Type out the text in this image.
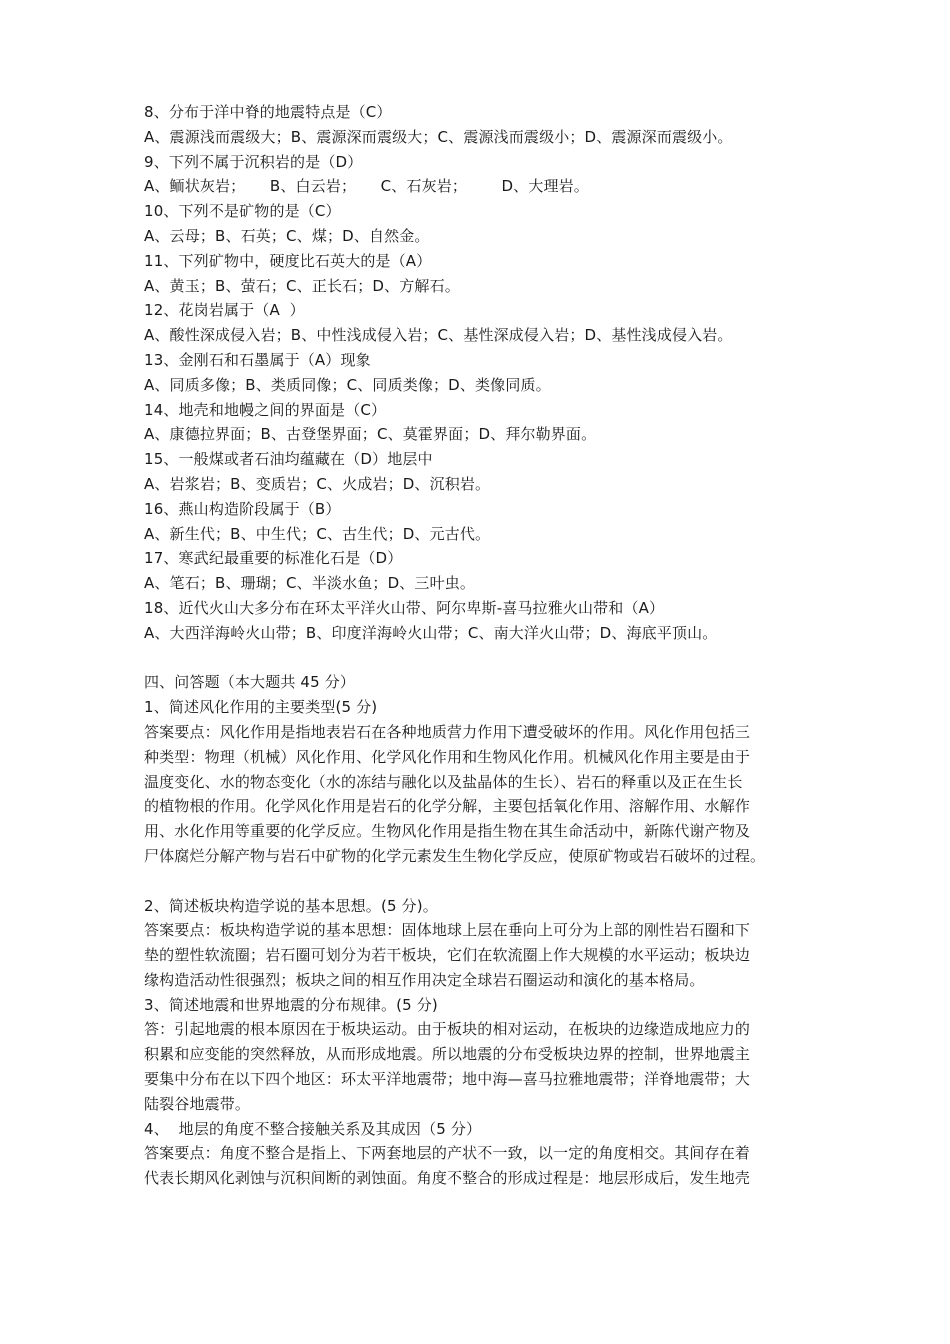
8、分布于洋中脊的地震特点是（C）
A、震源浅而震级大；B、震源深而震级大；C、震源浅而震级小；D、震源深而震级小。
9、下列不属于沉积岩的是（D）
A、鲕状灰岩；     B、白云岩；     C、石灰岩；       D、大理岩。
10、下列不是矿物的是（C）
A、云母；B、石英；C、煤；D、自然金。
11、下列矿物中，硬度比石英大的是（A）
A、黄玉；B、萤石；C、正长石；D、方解石。
12、花岗岩属于（A  ）
A、酸性深成侵入岩；B、中性浅成侵入岩；C、基性深成侵入岩；D、基性浅成侵入岩。
13、金刚石和石墨属于（A）现象
A、同质多像；B、类质同像；C、同质类像；D、类像同质。
14、地壳和地幔之间的界面是（C）
A、康德拉界面；B、古登堡界面；C、莫霍界面；D、拜尔勒界面。
15、一般煤或者石油均蕴藏在（D）地层中
A、岩浆岩；B、变质岩；C、火成岩；D、沉积岩。
16、燕山构造阶段属于（B）
A、新生代；B、中生代；C、古生代；D、元古代。
17、寒武纪最重要的标准化石是（D）
A、笔石；B、珊瑚；C、半淡水鱼；D、三叶虫。
18、近代火山大多分布在环太平洋火山带、阿尔卑斯-喜马拉雅火山带和（A）
A、大西洋海岭火山带；B、印度洋海岭火山带；C、南大洋火山带；D、海底平顶山。
四、问答题（本大题共 45 分）
1、简述风化作用的主要类型(5 分)
答案要点：风化作用是指地表岩石在各种地质营力作用下遭受破坏的作用。风化作用包括三
种类型：物理（机械）风化作用、化学风化作用和生物风化作用。机械风化作用主要是由于
温度变化、水的物态变化（水的冻结与融化以及盐晶体的生长）、岩石的释重以及正在生长
的植物根的作用。化学风化作用是岩石的化学分解，主要包括氧化作用、溶解作用、水解作
用、水化作用等重要的化学反应。生物风化作用是指生物在其生命活动中，新陈代谢产物及
尸体腐烂分解产物与岩石中矿物的化学元素发生生物化学反应，使原矿物或岩石破坏的过程。
2、简述板块构造学说的基本思想。(5 分)。
答案要点：板块构造学说的基本思想：固体地球上层在垂向上可分为上部的刚性岩石圈和下
垫的塑性软流圈；岩石圈可划分为若干板块，它们在软流圈上作大规模的水平运动；板块边
缘构造活动性很强烈；板块之间的相互作用决定全球岩石圈运动和演化的基本格局。
3、简述地震和世界地震的分布规律。(5 分)
答：引起地震的根本原因在于板块运动。由于板块的相对运动，在板块的边缘造成地应力的
积累和应变能的突然释放，从而形成地震。所以地震的分布受板块边界的控制，世界地震主
要集中分布在以下四个地区：环太平洋地震带；地中海—喜马拉雅地震带；洋脊地震带；大
陆裂谷地震带。
4、  地层的角度不整合接触关系及其成因（5 分）
答案要点：角度不整合是指上、下两套地层的产状不一致，以一定的角度相交。其间存在着
代表长期风化剥蚀与沉积间断的剥蚀面。角度不整合的形成过程是：地层形成后，发生地壳
